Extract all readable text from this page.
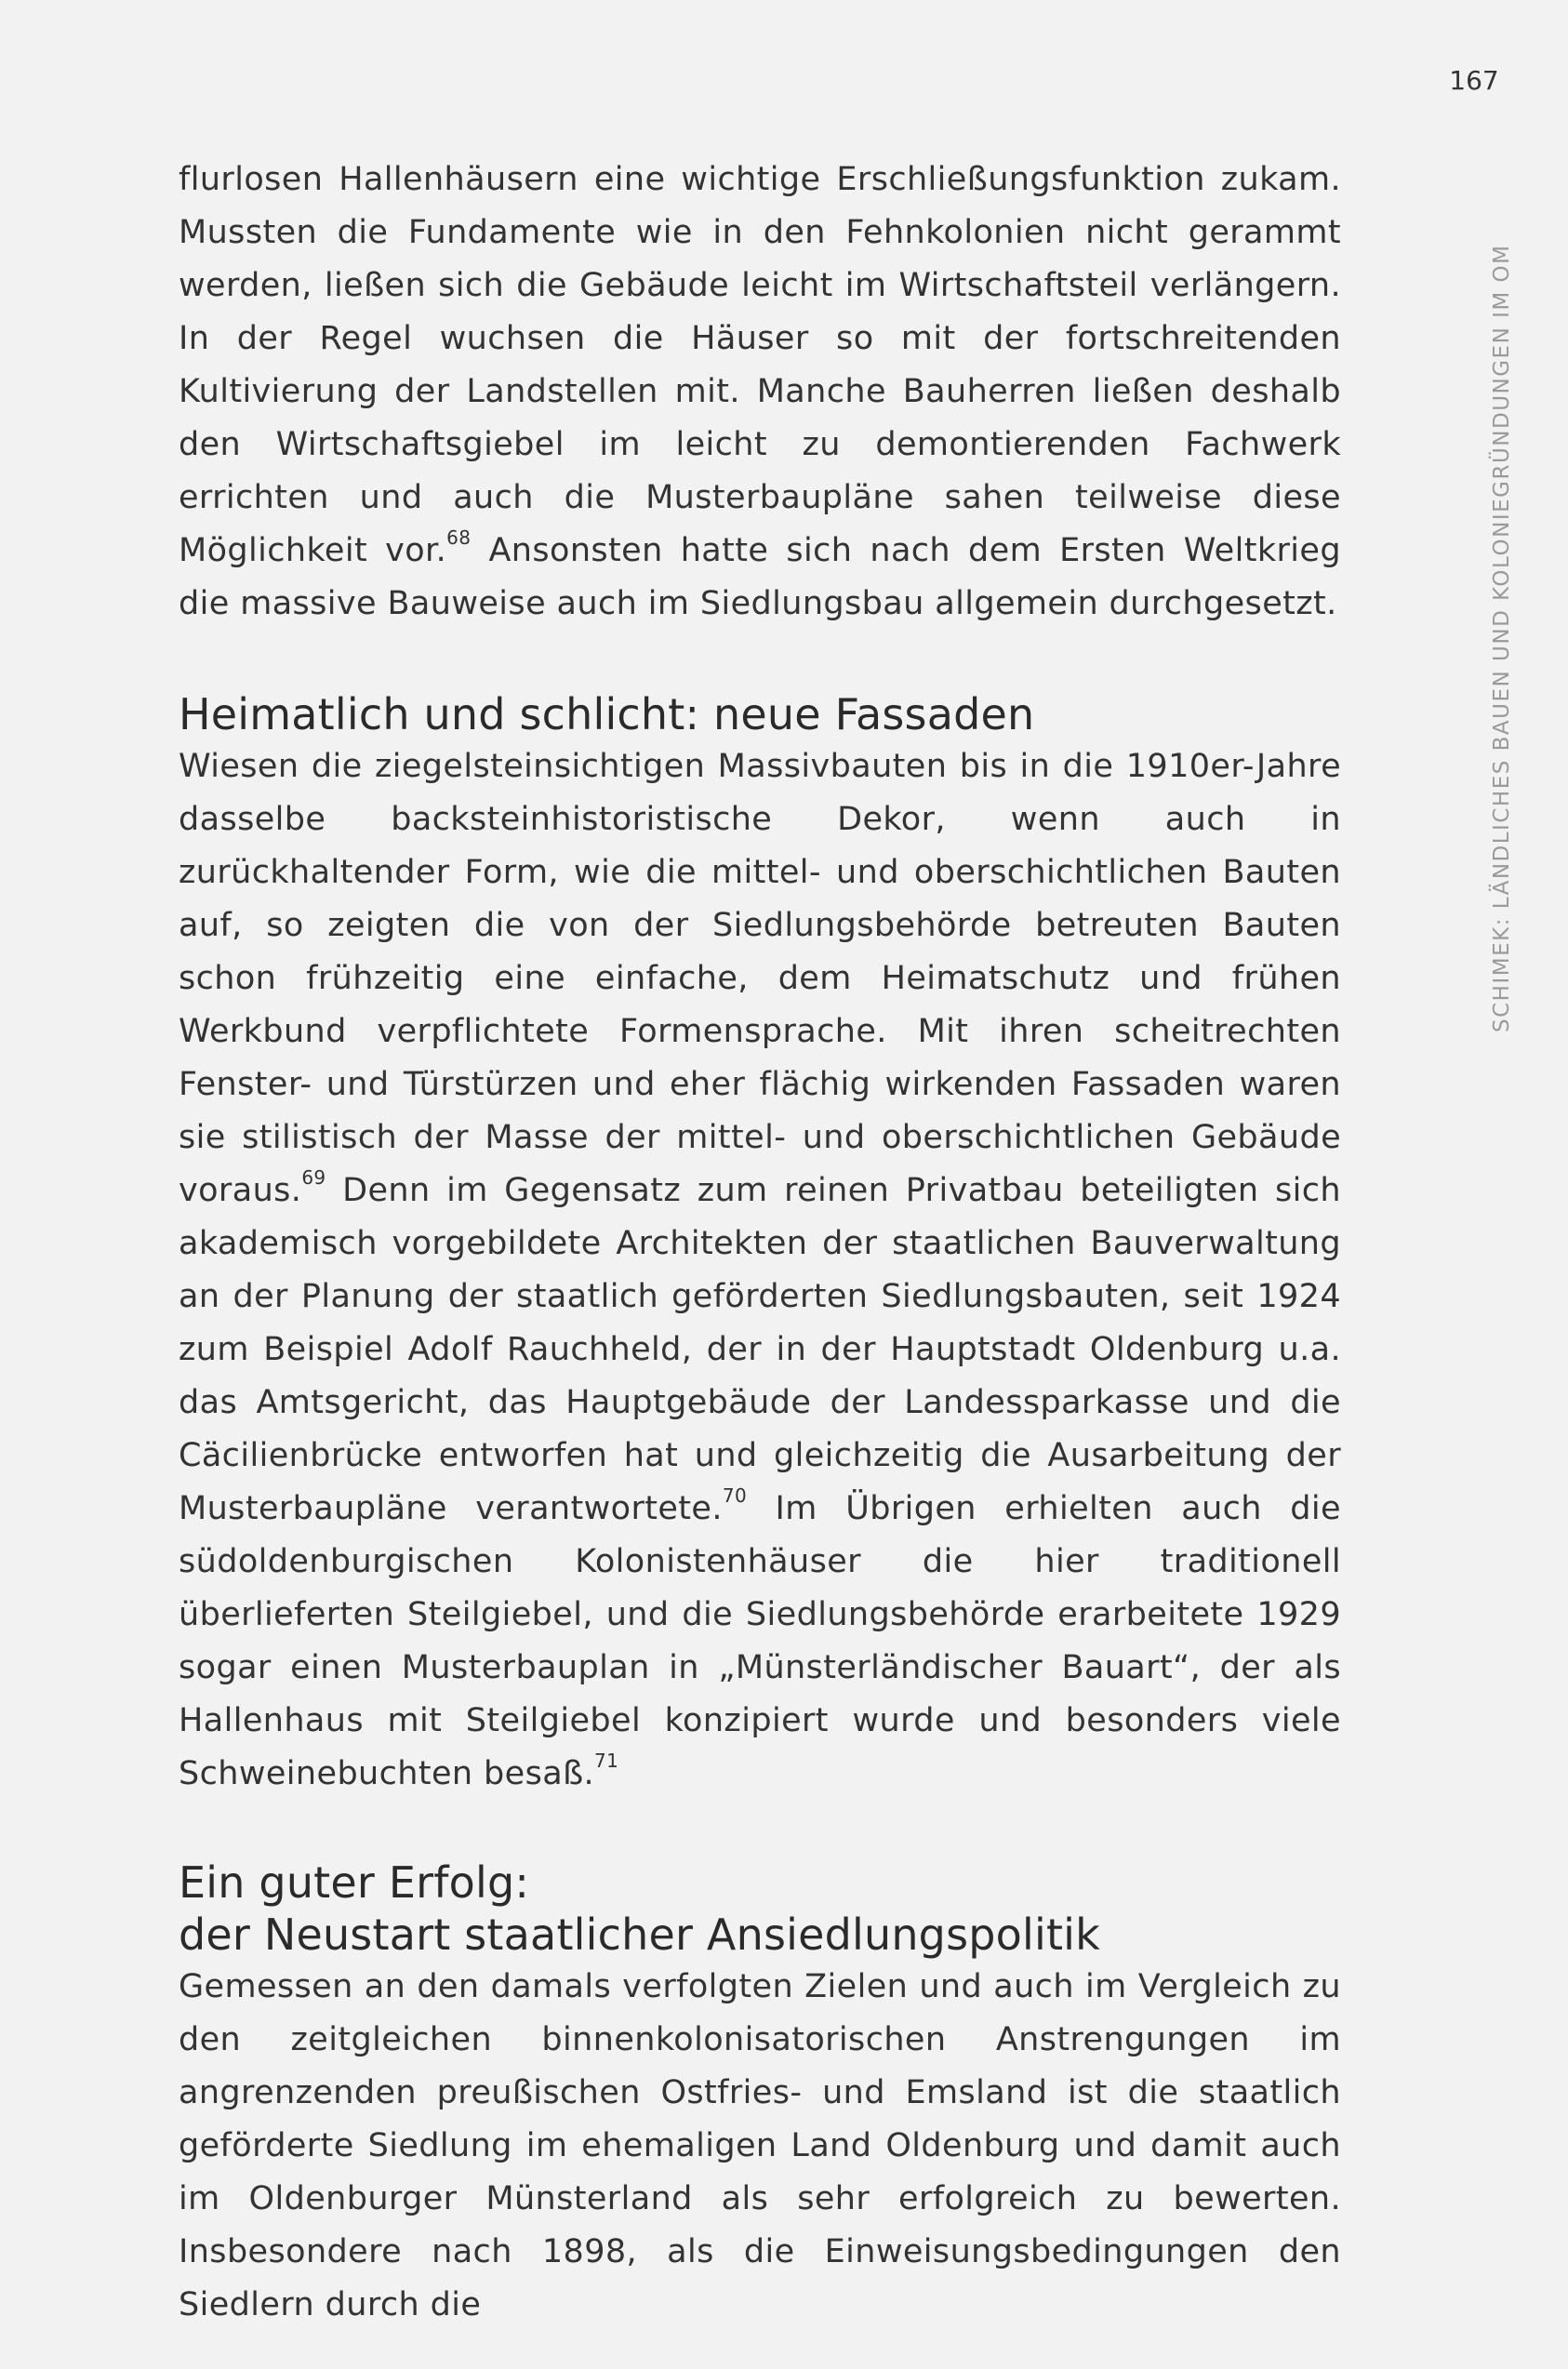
167
SCHIMEK: LÄNDLICHES BAUEN UND KOLONIEGRÜNDUNGEN IM OM

flurlosen Hallenhäusern eine wichtige Erschließungsfunktion zukam. Mussten die Fundamente wie in den Fehnkolonien nicht gerammt werden, ließen sich die Gebäude leicht im Wirtschaftsteil verlängern. In der Regel wuchsen die Häuser so mit der fortschreitenden Kultivierung der Landstellen mit. Manche Bauherren ließen deshalb den Wirtschaftsgiebel im leicht zu demontierenden Fachwerk errichten und auch die Musterbaupläne sahen teilweise diese Möglichkeit vor.$^{68}$ Ansonsten hatte sich nach dem Ersten Weltkrieg die massive Bauweise auch im Siedlungsbau allgemein durchgesetzt.

Heimatlich und schlicht: neue Fassaden

Wiesen die ziegelsteinsichtigen Massivbauten bis in die 1910er-Jahre dasselbe backsteinhistoristische Dekor, wenn auch in zurückhaltender Form, wie die mittel- und oberschichtlichen Bauten auf, so zeigten die von der Siedlungsbehörde betreuten Bauten schon frühzeitig eine einfache, dem Heimatschutz und frühen Werkbund verpflichtete Formensprache. Mit ihren scheitrechten Fenster- und Türstürzen und eher flächig wirkenden Fassaden waren sie stilistisch der Masse der mittel- und oberschichtlichen Gebäude voraus.$^{69}$ Denn im Gegensatz zum reinen Privatbau beteiligten sich akademisch vorgebildete Architekten der staatlichen Bauverwaltung an der Planung der staatlich geförderten Siedlungsbauten, seit 1924 zum Beispiel Adolf Rauchheld, der in der Hauptstadt Oldenburg u.a. das Amtsgericht, das Hauptgebäude der Landessparkasse und die Cäcilienbrücke entworfen hat und gleichzeitig die Ausarbeitung der Musterbaupläne verantwortete.$^{70}$ Im Übrigen erhielten auch die südoldenburgischen Kolonistenhäuser die hier traditionell überlieferten Steilgiebel, und die Siedlungsbehörde erarbeitete 1929 sogar einen Musterbauplan in „Münsterländischer Bauart“, der als Hallenhaus mit Steilgiebel konzipiert wurde und besonders viele Schweinebuchten besaß.$^{71}$

Ein guter Erfolg:
der Neustart staatlicher Ansiedlungspolitik

Gemessen an den damals verfolgten Zielen und auch im Vergleich zu den zeitgleichen binnenkolonisatorischen Anstrengungen im angrenzenden preußischen Ostfries- und Emsland ist die staatlich geförderte Siedlung im ehemaligen Land Oldenburg und damit auch im Oldenburger Münsterland als sehr erfolgreich zu bewerten. Insbesondere nach 1898, als die Einweisungsbedingungen den Siedlern durch die
